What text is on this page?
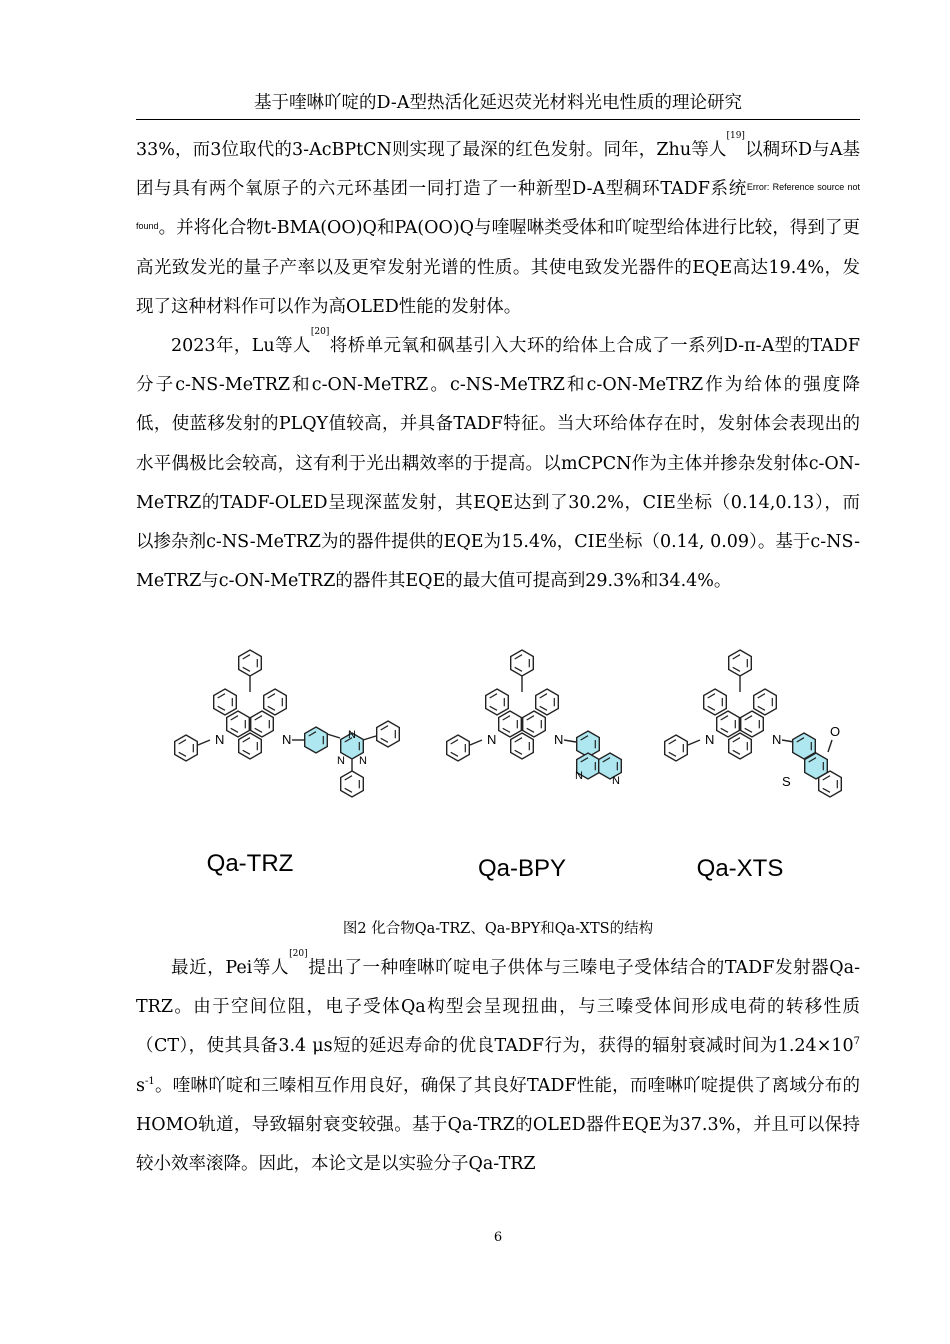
基于喹啉吖啶的D-A型热活化延迟荧光材料光电性质的理论研究

33%，而3位取代的3-AcBPtCN则实现了最深的红色发射。同年，Zhu等人[19]以稠环D与A基团与具有两个氧原子的六元环基团一同打造了一种新型D-A型稠环TADF系统$^{Error: Reference source not found}$。并将化合物t-BMA(OO)Q和PA(OO)Q与喹喔啉类受体和吖啶型给体进行比较，得到了更高光致发光的量子产率以及更窄发射光谱的性质。其使电致发光器件的EQE高达19.4%，发现了这种材料作可以作为高OLED性能的发射体。

2023年，Lu等人[20]将桥单元氧和砜基引入大环的给体上合成了一系列D-π-A型的TADF分子c-NS-MeTRZ和c-ON-MeTRZ。c-NS-MeTRZ和c-ON-MeTRZ作为给体的强度降低，使蓝移发射的PLQY值较高，并具备TADF特征。当大环给体存在时，发射体会表现出的水平偶极比会较高，这有利于光出耦效率的于提高。以mCPCN作为主体并掺杂发射体c-ON-MeTRZ的TADF-OLED呈现深蓝发射，其EQE达到了30.2%，CIE坐标（0.14,0.13），而以掺杂剂c-NS-MeTRZ为的器件提供的EQE为15.4%，CIE坐标（0.14, 0.09）。基于c-NS-MeTRZ与c-ON-MeTRZ的器件其EQE的最大值可提高到29.3%和34.4%。

N	N	N
N N
N	N
N	N
N	N
S
O
Qa-TRZ	Qa-BPY	Qa-XTS
图2 化合物Qa-TRZ、Qa-BPY和Qa-XTS的结构

最近，Pei等人[20]提出了一种喹啉吖啶电子供体与三嗪电子受体结合的TADF发射器Qa-TRZ。由于空间位阻，电子受体Qa构型会呈现扭曲，与三嗪受体间形成电荷的转移性质（CT），使其具备3.4 μs短的延迟寿命的优良TADF行为，获得的辐射衰减时间为$1.24\times 10^7$ $s^{-1}$。喹啉吖啶和三嗪相互作用良好，确保了其良好TADF性能，而喹啉吖啶提供了离域分布的HOMO轨道，导致辐射衰变较强。基于Qa-TRZ的OLED器件EQE为37.3%，并且可以保持较小效率滚降。因此，本论文是以实验分子Qa-TRZ

6
